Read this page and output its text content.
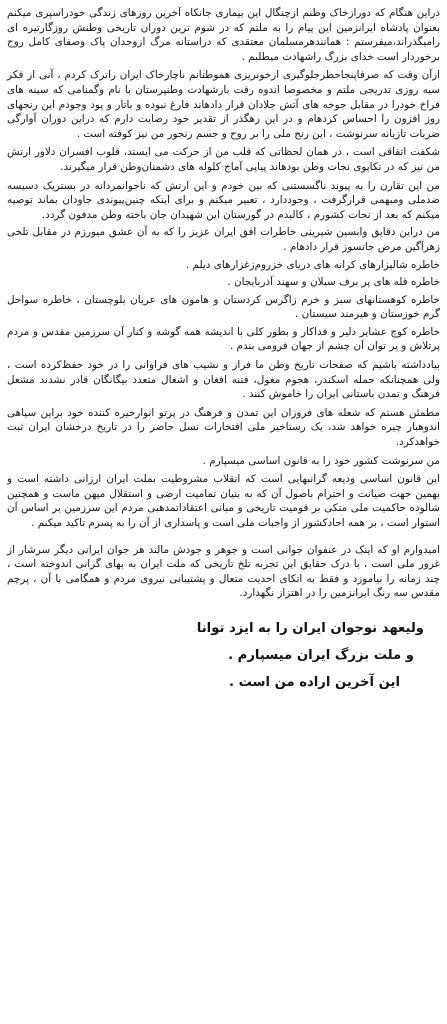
دراین هنگام که دورازخاک وطنم ازچنگال این بیماری جانکاه آخرین روزهای زندگی خودراسپری میکنم بعنوان پادشاه ایرانزمین این پیام را به ملتم که در شوم ترین دوران تاریخی وطنش روزگارتیره ای رامیگذراند،میفرستم : همانندهرمسلمان معتقدی که دراستانه مرگ ازوجدان پاک وصفای کامل روح برخوردار است خدای بزرگ راشهادت میطلبم .

ازآن وقت که صرفاپنجاحطرجلوگیری ازخونریزی هموطنانم ناچارخاک ایران راترک کردم ، آنی از فکر سیه روزی تدریجی ملتم و مخصوصا اندوه رقت بارشهادت وطنپرستان با نام وگمنامی که سینه های فراخ خودرا در مقابل جوخه های آتش جلادان قرار دادهاند فارغ نبوده و باتار و پود وجودم این رنجهای روز افزون را احساس کردهام و در این رهگذر از تقدیر خود رضایت دارم که دراین دوران آوارگی ضربات تازیانه سرنوشت ، این رنج ملی را بر روح و جسم رنجور من نیز کوفته است .

شکفت اتفاقی است ، در همان لحظاتی که قلب من از حرکت می ایستد، قلوب افسران دلاور ارتش من نیز که در تکاپوی نجات وطن بودهاند پیاپی آماج کلوله های دشمنان‌وطن قرار میگیرند.

من این تقارن را به پیوند ناگسستنی که بین خودم و این ارتش که ناجوانمردانه در بستریک دسیسه ضدملی ومبهمی قرارگرفت ، وجوددارد ، تعبیر میکنم و برای اینکه چنین‌پیوندی جاودان بماند توصیه میکنم که بعد از نجات کشورم ، کالبدم در گورستان این شهیدان جان باخته وطن مدفون گردد.

من دراین دقایق وابسین شیرینی خاطرات افق ایران عزیز را که به آن عشق میورزم در مقابل تلخی زهرآگین مرض جانسوز قرار دادهام .

خاطره شالیزارهای کرانه های دریای خزروم‌زغزارهای دیلم .

خاطره قله های پر برف سبلان و سهند آذربایجان .

خاطره کوهستانهای سبز و خرم زاگرس کردستان و هامون های عریان بلوچستان ، خاطره سواحل گرم خوزستان و هیرمند سیستان .

خاطره کوچ عشایر دلیر و فداکار و بطور کلی با اندیشه همه گوشه و کنار آن سرزمین مقدس و مردم پرتلاش و پر توان آن چشم از جهان فرومی بندم .

بیادداشته باشیم که صفحات تاریخ وطن ما فراز و نشیب های فراوانی را در خود حفظ‌کرده است ، ولی همچنانکه حمله اسکندر، هجوم مغول، فتنه افغان و اشغال متعدد بیگانگان قادر نشدند مشعل فرهنگ و تمدن باستانی ایران را خاموش کنند .

مطمئن هستم که شعله های فروزان این تمدن و فرهنگ در پرتو انوارخیره کننده خود براین سیاهی اندوهبار چیره خواهد شد، یک رستاخیز ملی افتخارات نسل حاضر را در تاریخ درخشان ایران ثبت خواهدکرد.

من سرنوشت کشور خود را به قانون اساسی میسپارم .

این قانون اساسی ودیعه گرانبهایی است که انقلاب مشروطیت بملت ایران ارزانی داشته است و بهمین جهت صیانت و احترام باصول آن که به بنیان تمامیت ارضی و استقلال میهن ماست و همچنین شالوده حاکمیت ملی متکی بر قومیت تاریخی و مبانی اعتقاداتمدهبی مردم این سرزمین بر اساس آن استوار است ، بر همه احادکشور از واجبات ملی است و پاسداری از آن را به پسرم تاکید میکنم .

امیدوارم او که اینک در عنفوان جوانی است و جوهر و جودش مالند هر جوان ایرانی دیگر سرشار از غرور ملی است ، با درک حقایق این تجربه تلخ تاریخی که ملت ایران به بهای گرانی اندوخته است ، چند زمانه را بیاموزد و فقط به اتکای احدیت متعال و پشتیبانی نیروی مردم و همگامی با آن ، پرچم مقدس سه رنگ ایرانزمین را در اهتزاز نگهدارد.

ولیعهد نوجوان ایران را به ایزد توانا
و ملت بزرگ ایران میسپارم .
این آخرین اراده من است .
